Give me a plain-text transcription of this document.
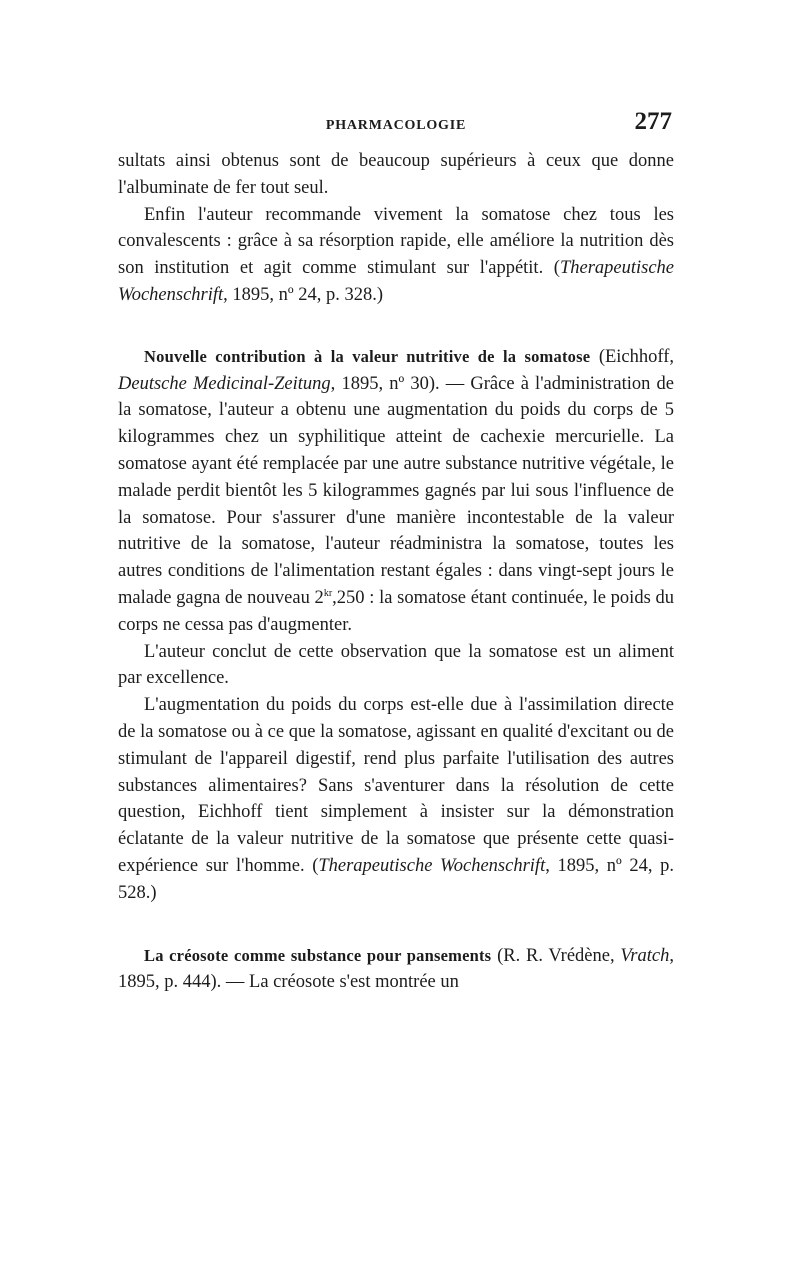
PHARMACOLOGIE	277

sultats ainsi obtenus sont de beaucoup supérieurs à ceux que donne l'albuminate de fer tout seul.

Enfin l'auteur recommande vivement la somatose chez tous les convalescents : grâce à sa résorption rapide, elle améliore la nutrition dès son institution et agit comme stimulant sur l'appétit. (Therapeutische Wochenschrift, 1895, nº 24, p. 328.)

Nouvelle contribution à la valeur nutritive de la somatose (Eichhoff, Deutsche Medicinal-Zeitung, 1895, nº 30). — Grâce à l'administration de la somatose, l'auteur a obtenu une augmentation du poids du corps de 5 kilogrammes chez un syphilitique atteint de cachexie mercurielle. La somatose ayant été remplacée par une autre substance nutritive végétale, le malade perdit bientôt les 5 kilogrammes gagnés par lui sous l'influence de la somatose. Pour s'assurer d'une manière incontestable de la valeur nutritive de la somatose, l'auteur réadministra la somatose, toutes les autres conditions de l'alimentation restant égales : dans vingt-sept jours le malade gagna de nouveau $2^{kr},250$ : la somatose étant continuée, le poids du corps ne cessa pas d'augmenter.

L'auteur conclut de cette observation que la somatose est un aliment par excellence.

L'augmentation du poids du corps est-elle due à l'assimilation directe de la somatose ou à ce que la somatose, agissant en qualité d'excitant ou de stimulant de l'appareil digestif, rend plus parfaite l'utilisation des autres substances alimentaires? Sans s'aventurer dans la résolution de cette question, Eichhoff tient simplement à insister sur la démonstration éclatante de la valeur nutritive de la somatose que présente cette quasi-expérience sur l'homme. (Therapeutische Wochenschrift, 1895, nº 24, p. 528.)

La créosote comme substance pour pansements (R. R. Vrédène, Vratch, 1895, p. 444). — La créosote s'est montrée un
